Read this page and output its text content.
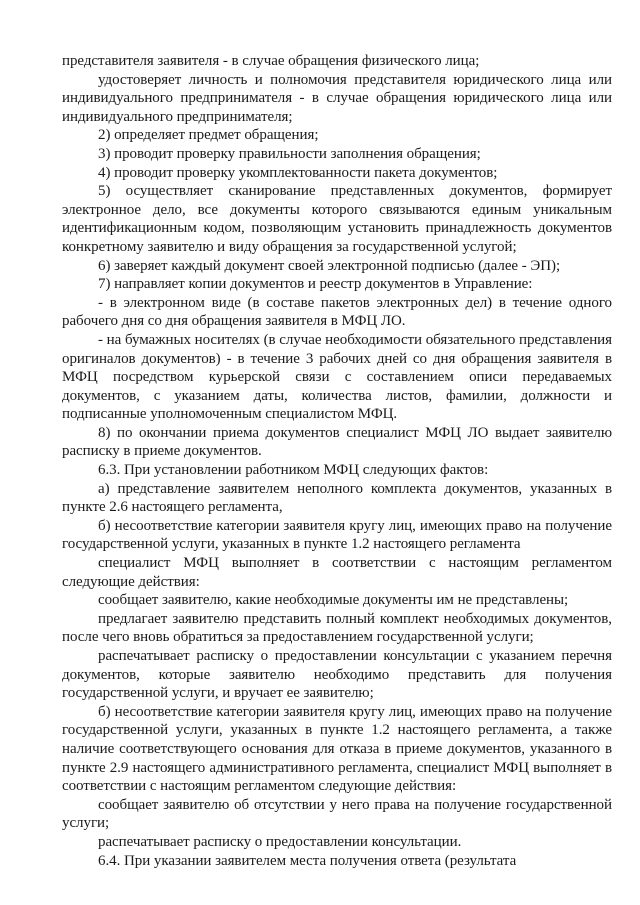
представителя заявителя - в случае обращения физического лица;

удостоверяет личность и полномочия представителя юридического лица или индивидуального предпринимателя - в случае обращения юридического лица или индивидуального предпринимателя;

2) определяет предмет обращения;

3) проводит проверку правильности заполнения обращения;

4) проводит проверку укомплектованности пакета документов;

5) осуществляет сканирование представленных документов, формирует электронное дело, все документы которого связываются единым уникальным идентификационным кодом, позволяющим установить принадлежность документов конкретному заявителю и виду обращения за государственной услугой;

6) заверяет каждый документ своей электронной подписью (далее - ЭП);

7) направляет копии документов и реестр документов в Управление:

- в электронном виде (в составе пакетов электронных дел) в течение одного рабочего дня со дня обращения заявителя в МФЦ ЛО.

- на бумажных носителях (в случае необходимости обязательного представления оригиналов документов) - в течение 3 рабочих дней со дня обращения заявителя в МФЦ посредством курьерской связи с составлением описи передаваемых документов, с указанием даты, количества листов, фамилии, должности и подписанные уполномоченным специалистом МФЦ.

8) по окончании приема документов специалист МФЦ ЛО выдает заявителю расписку в приеме документов.

6.3. При установлении работником МФЦ следующих фактов:

а) представление заявителем неполного комплекта документов, указанных в пункте 2.6 настоящего регламента,

б) несоответствие категории заявителя кругу лиц, имеющих право на получение государственной услуги, указанных в пункте 1.2 настоящего регламента

специалист МФЦ выполняет в соответствии с настоящим регламентом следующие действия:

сообщает заявителю, какие необходимые документы им не представлены;

предлагает заявителю представить полный комплект необходимых документов, после чего вновь обратиться за предоставлением государственной услуги;

распечатывает расписку о предоставлении консультации с указанием перечня документов, которые заявителю необходимо представить для получения государственной услуги, и вручает ее заявителю;

б) несоответствие категории заявителя кругу лиц, имеющих право на получение государственной услуги, указанных в пункте 1.2 настоящего регламента, а также наличие соответствующего основания для отказа в приеме документов, указанного в пункте 2.9 настоящего административного регламента, специалист МФЦ выполняет в соответствии с настоящим регламентом следующие действия:

сообщает заявителю об отсутствии у него права на получение государственной услуги;

распечатывает расписку о предоставлении консультации.

6.4. При указании заявителем места получения ответа (результата
